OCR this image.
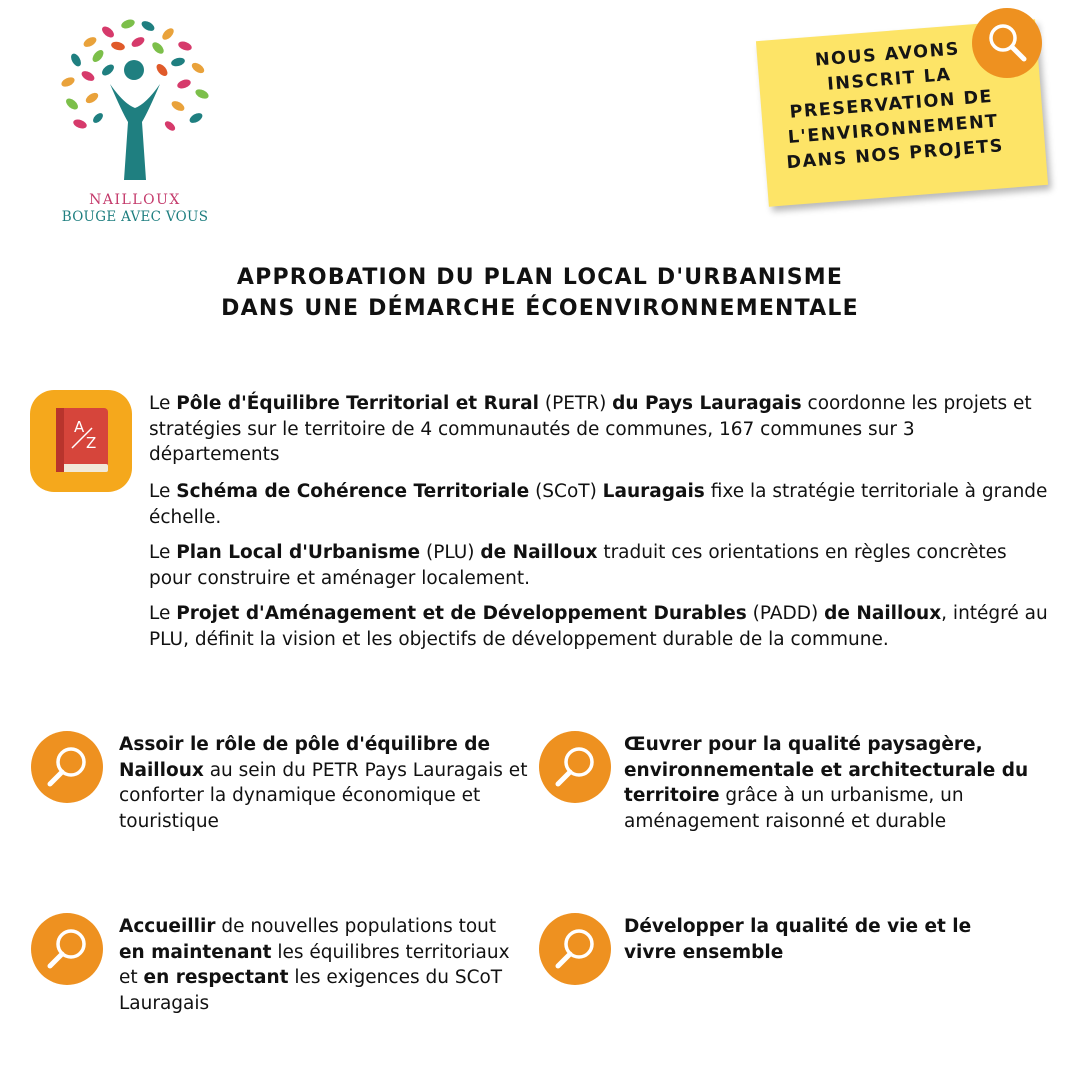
NAILLOUX
BOUGE AVEC VOUS
NOUS AVONS
INSCRIT LA
PRESERVATION DE
L'ENVIRONNEMENT
DANS NOS PROJETS
APPROBATION DU PLAN LOCAL D'URBANISME
DANS UNE DÉMARCHE ÉCOENVIRONNEMENTALE
A
Z
Le Pôle d'Équilibre Territorial et Rural (PETR) du Pays Lauragais coordonne les projets et stratégies sur le territoire de 4 communautés de communes, 167 communes sur 3 départements
Le Schéma de Cohérence Territoriale (SCoT) Lauragais fixe la stratégie territoriale à grande échelle.
Le Plan Local d'Urbanisme (PLU) de Nailloux traduit ces orientations en règles concrètes pour construire et aménager localement.
Le Projet d'Aménagement et de Développement Durables (PADD) de Nailloux, intégré au PLU, définit la vision et les objectifs de développement durable de la commune.
Assoir le rôle de pôle d'équilibre de Nailloux au sein du PETR Pays Lauragais et conforter la dynamique économique et touristique
Œuvrer pour la qualité paysagère, environnementale et architecturale du territoire grâce à un urbanisme, un aménagement raisonné et durable
Accueillir de nouvelles populations tout en maintenant les équilibres territoriaux et en respectant les exigences du SCoT Lauragais
Développer la qualité de vie et le vivre ensemble
